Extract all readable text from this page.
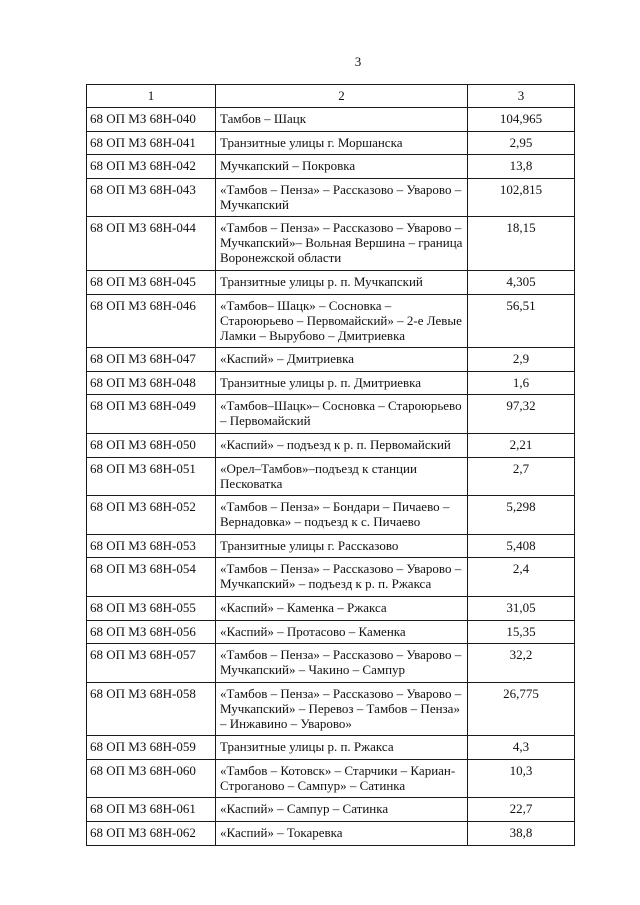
3
1	2	3
68 ОП МЗ 68Н-040	Тамбов – Шацк	104,965
68 ОП МЗ 68Н-041	Транзитные улицы г. Моршанска	2,95
68 ОП МЗ 68Н-042	Мучкапский – Покровка	13,8
68 ОП МЗ 68Н-043	«Тамбов – Пенза» – Рассказово – Уварово –
Мучкапский	102,815
68 ОП МЗ 68Н-044	«Тамбов – Пенза» – Рассказово – Уварово –
Мучкапский»– Вольная Вершина – граница
Воронежской области	18,15
68 ОП МЗ 68Н-045	Транзитные улицы р. п. Мучкапский	4,305
68 ОП МЗ 68Н-046	«Тамбов– Шацк» – Сосновка –
Староюрьево – Первомайский» – 2-е Левые
Ламки – Вырубово – Дмитриевка	56,51
68 ОП МЗ 68Н-047	«Каспий» – Дмитриевка	2,9
68 ОП МЗ 68Н-048	Транзитные улицы р. п. Дмитриевка	1,6
68 ОП МЗ 68Н-049	«Тамбов–Шацк»– Сосновка – Староюрьево
– Первомайский	97,32
68 ОП МЗ 68Н-050	«Каспий» – подъезд к р. п. Первомайский	2,21
68 ОП МЗ 68Н-051	«Орел–Тамбов»–подъезд к станции
Песковатка	2,7
68 ОП МЗ 68Н-052	«Тамбов – Пенза» – Бондари – Пичаево –
Вернадовка» – подъезд к с. Пичаево	5,298
68 ОП МЗ 68Н-053	Транзитные улицы г. Рассказово	5,408
68 ОП МЗ 68Н-054	«Тамбов – Пенза» – Рассказово – Уварово –
Мучкапский» – подъезд к р. п. Ржакса	2,4
68 ОП МЗ 68Н-055	«Каспий» – Каменка – Ржакса	31,05
68 ОП МЗ 68Н-056	«Каспий» – Протасово – Каменка	15,35
68 ОП МЗ 68Н-057	«Тамбов – Пенза» – Рассказово – Уварово –
Мучкапский» – Чакино – Сампур	32,2
68 ОП МЗ 68Н-058	«Тамбов – Пенза» – Рассказово – Уварово –
Мучкапский» – Перевоз – Тамбов – Пенза»
– Инжавино – Уварово»	26,775
68 ОП МЗ 68Н-059	Транзитные улицы р. п. Ржакса	4,3
68 ОП МЗ 68Н-060	«Тамбов – Котовск» – Старчики – Кариан-
Строганово – Сампур» – Сатинка	10,3
68 ОП МЗ 68Н-061	«Каспий» – Сампур – Сатинка	22,7
68 ОП МЗ 68Н-062	«Каспий» – Токаревка	38,8
